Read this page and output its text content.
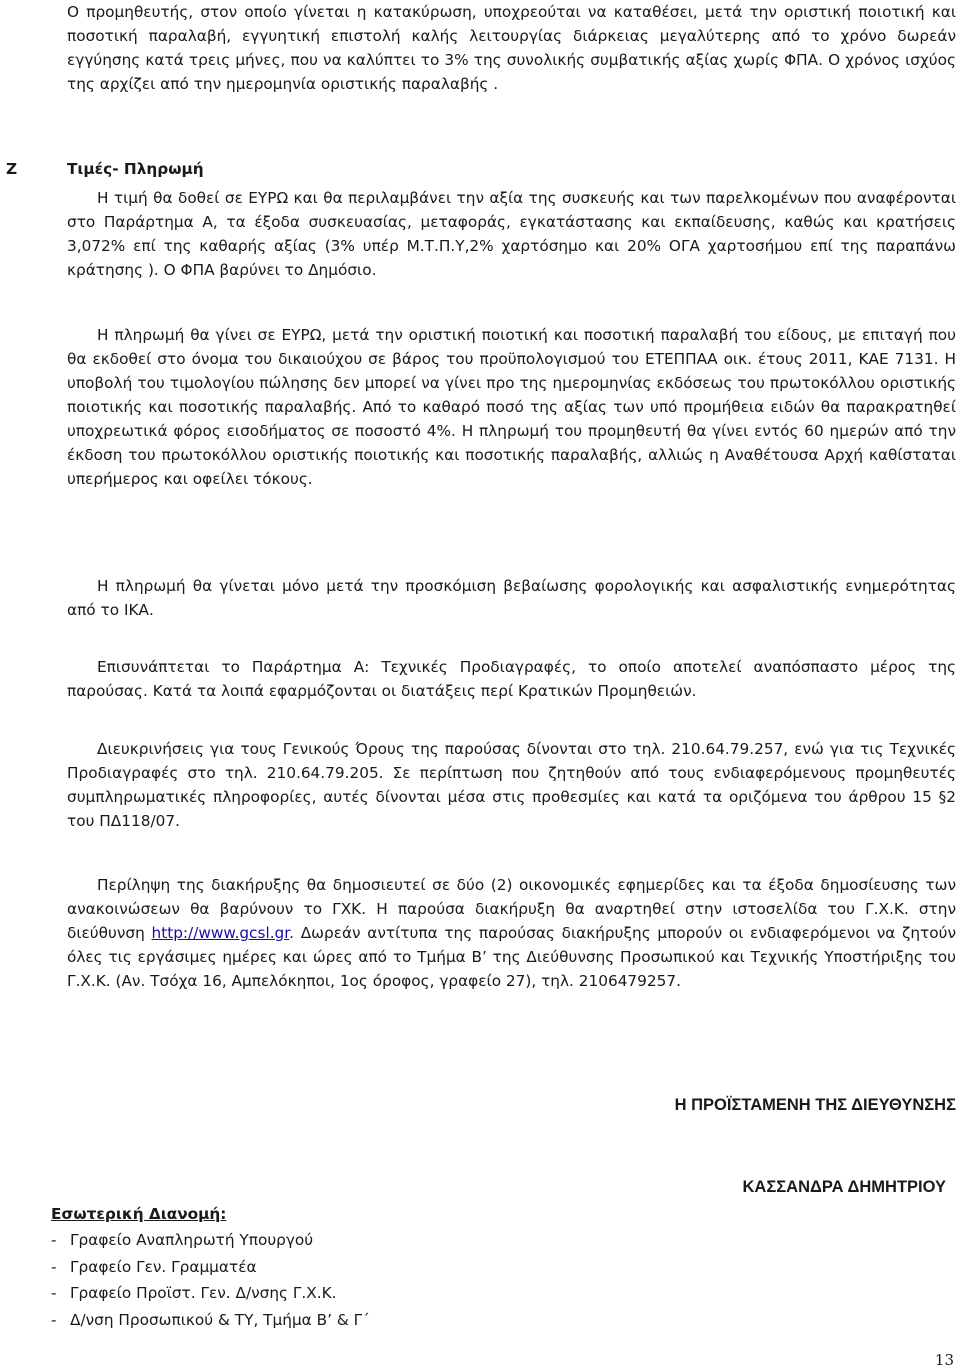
Ο προμηθευτής, στον οποίο γίνεται η κατακύρωση, υποχρεούται να καταθέσει, μετά την οριστική ποιοτική και ποσοτική παραλαβή, εγγυητική επιστολή καλής λειτουργίας διάρκειας μεγαλύτερης από το χρόνο δωρεάν εγγύησης κατά τρεις μήνες, που να καλύπτει το 3% της συνολικής συμβατικής αξίας χωρίς ΦΠΑ. Ο χρόνος ισχύος της αρχίζει από την ημερομηνία οριστικής παραλαβής .

Ζ	Τιμές- Πληρωμή

Η τιμή θα δοθεί σε ΕΥΡΩ και θα περιλαμβάνει την αξία της συσκευής και των παρελκομένων που αναφέρονται στο Παράρτημα Α, τα έξοδα συσκευασίας, μεταφοράς, εγκατάστασης και εκπαίδευσης, καθώς και κρατήσεις 3,072% επί της καθαρής αξίας (3% υπέρ Μ.Τ.Π.Υ,2% χαρτόσημο και 20% ΟΓΑ χαρτοσήμου επί της παραπάνω κράτησης ). Ο ΦΠΑ βαρύνει το Δημόσιο.

Η πληρωμή θα γίνει σε ΕΥΡΩ, μετά την οριστική ποιοτική και ποσοτική παραλαβή του είδους, με επιταγή που θα εκδοθεί στο όνομα του δικαιούχου σε βάρος του προϋπολογισμού του ΕΤΕΠΠΑΑ οικ. έτους 2011, ΚΑΕ 7131. Η υποβολή του τιμολογίου πώλησης δεν μπορεί να γίνει προ της ημερομηνίας εκδόσεως του πρωτοκόλλου οριστικής ποιοτικής και ποσοτικής παραλαβής. Από το καθαρό ποσό της αξίας των υπό προμήθεια ειδών θα παρακρατηθεί υποχρεωτικά φόρος εισοδήματος σε ποσοστό 4%. Η πληρωμή του προμηθευτή θα γίνει εντός 60 ημερών από την έκδοση του πρωτοκόλλου οριστικής ποιοτικής και ποσοτικής παραλαβής, αλλιώς η Αναθέτουσα Αρχή καθίσταται υπερήμερος και οφείλει τόκους.

Η πληρωμή θα γίνεται μόνο μετά την προσκόμιση βεβαίωσης φορολογικής και ασφαλιστικής ενημερότητας από το ΙΚΑ.

Επισυνάπτεται το Παράρτημα Α: Τεχνικές Προδιαγραφές, το οποίο αποτελεί αναπόσπαστο μέρος της παρούσας. Κατά τα λοιπά εφαρμόζονται οι διατάξεις περί Κρατικών Προμηθειών.

Διευκρινήσεις για τους Γενικούς Όρους της παρούσας δίνονται στο τηλ. 210.64.79.257, ενώ για τις Τεχνικές Προδιαγραφές στο τηλ. 210.64.79.205. Σε περίπτωση που ζητηθούν από τους ενδιαφερόμενους προμηθευτές συμπληρωματικές πληροφορίες, αυτές δίνονται μέσα στις προθεσμίες και κατά τα οριζόμενα του άρθρου 15 §2 του ΠΔ118/07.

Περίληψη της διακήρυξης θα δημοσιευτεί σε δύο (2) οικονομικές εφημερίδες και τα έξοδα δημοσίευσης των ανακοινώσεων θα βαρύνουν το ΓΧΚ. Η παρούσα διακήρυξη θα αναρτηθεί στην ιστοσελίδα του Γ.Χ.Κ. στην διεύθυνση http://www.gcsl.gr. Δωρεάν αντίτυπα της παρούσας διακήρυξης μπορούν οι ενδιαφερόμενοι να ζητούν όλες τις εργάσιμες ημέρες και ώρες από το Τμήμα Β’ της Διεύθυνσης Προσωπικού και Τεχνικής Υποστήριξης του Γ.Χ.Κ. (Αν. Τσόχα 16, Αμπελόκηποι, 1ος όροφος, γραφείο 27), τηλ. 2106479257.

Η ΠΡΟΪΣΤΑΜΕΝΗ ΤΗΣ ΔΙΕΥΘΥΝΣΗΣ

ΚΑΣΣΑΝΔΡΑ ΔΗΜΗΤΡΙΟΥ

Εσωτερική Διανομή:

- Γραφείο Αναπληρωτή Υπουργού
- Γραφείο Γεν. Γραμματέα
- Γραφείο Προϊστ. Γεν. Δ/νσης Γ.Χ.Κ.
- Δ/νση Προσωπικού & ΤΥ, Τμήμα Β’ & Γ΄

13
